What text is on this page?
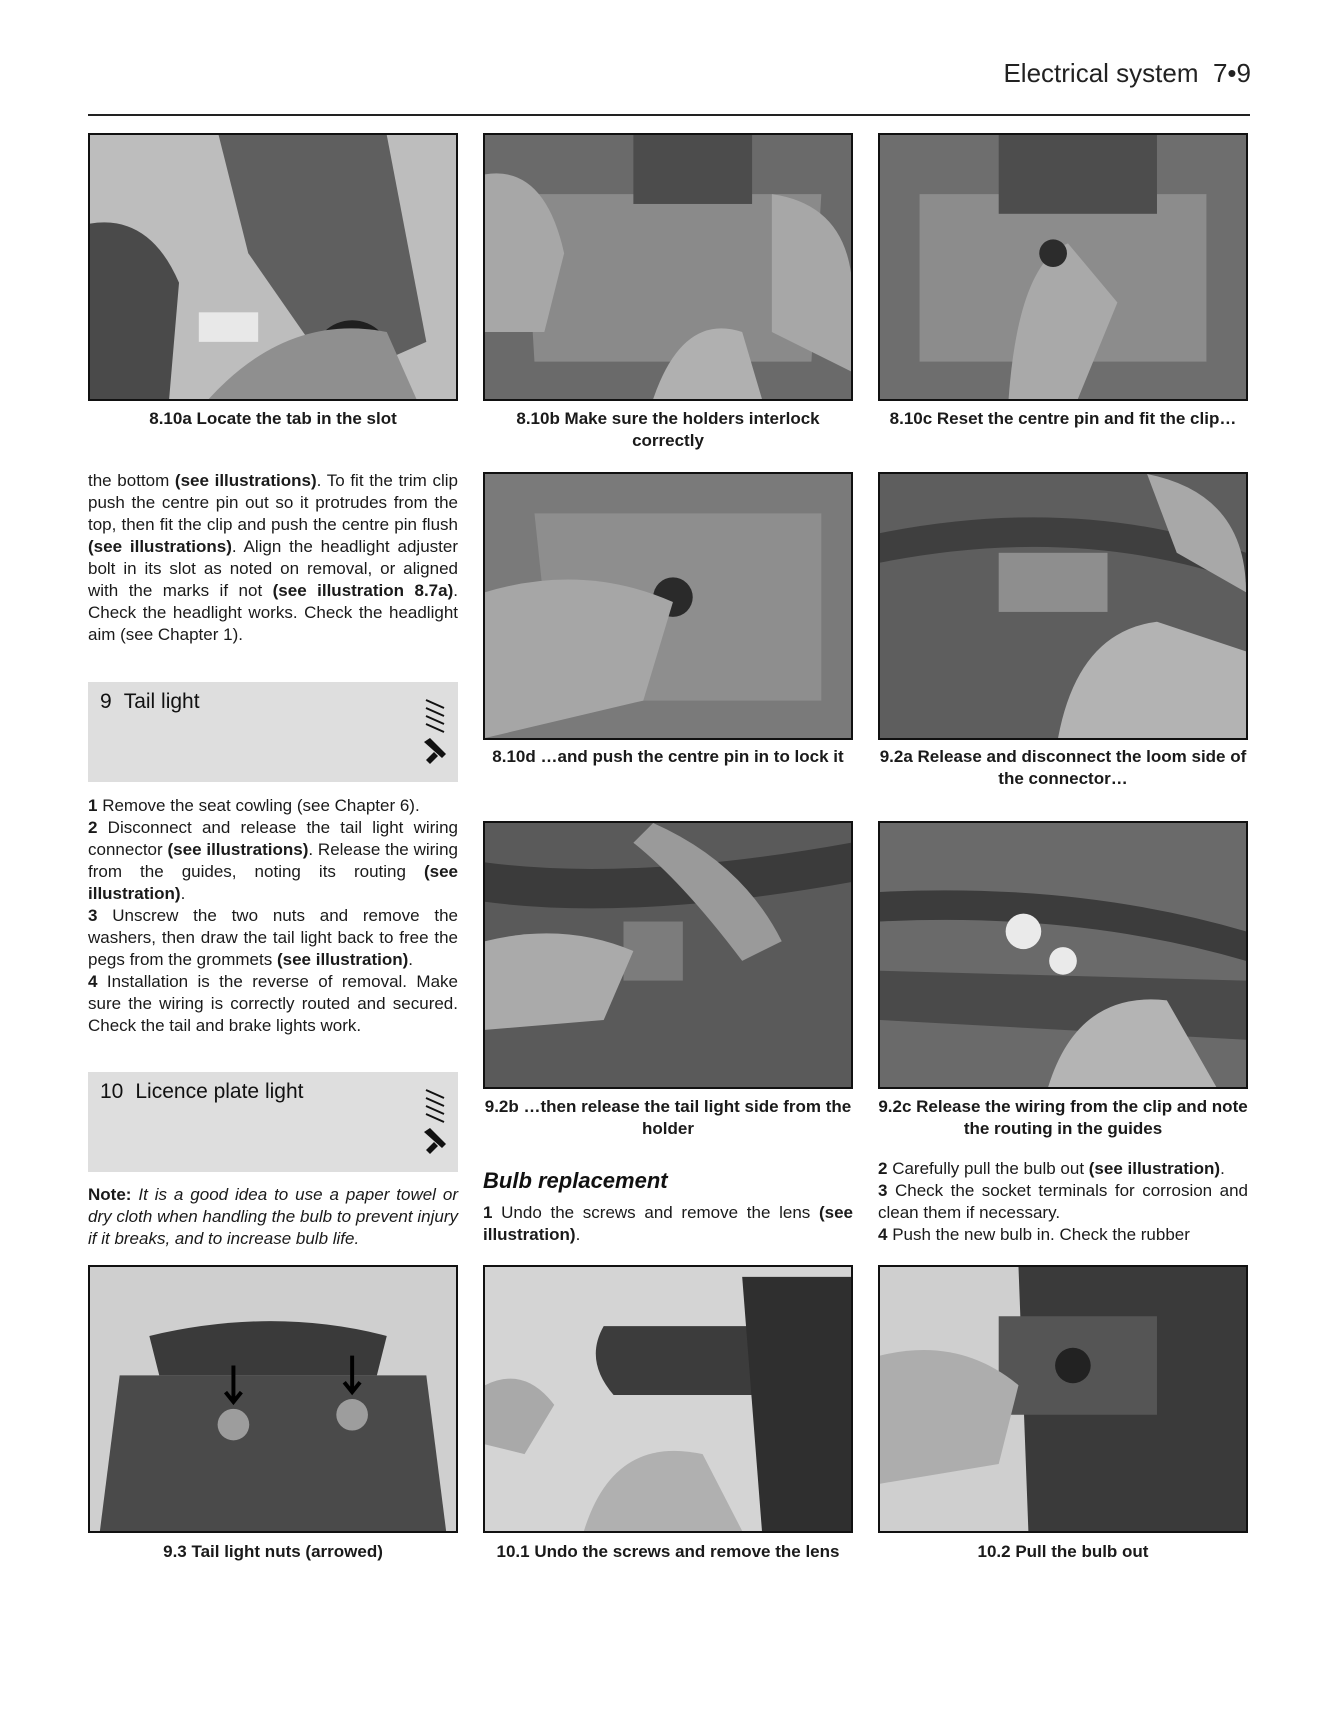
Electrical system 7•9
8.10a Locate the tab in the slot	8.10b Make sure the holders interlock correctly
8.10c Reset the centre pin and fit the clip…
the bottom (see illustrations). To fit the trim clip push the centre pin out so it protrudes from the top, then fit the clip and push the centre pin flush (see illustrations). Align the headlight adjuster bolt in its slot as noted on removal, or aligned with the marks if not (see illustration 8.7a). Check the headlight works. Check the headlight aim (see Chapter 1).
9 Tail light

1 Remove the seat cowling (see Chapter 6).

2 Disconnect and release the tail light wiring connector (see illustrations). Release the wiring from the guides, noting its routing (see illustration).

3 Unscrew the two nuts and remove the washers, then draw the tail light back to free the pegs from the grommets (see illustration).

4 Installation is the reverse of removal. Make sure the wiring is correctly routed and secured. Check the tail and brake lights work.

10 Licence plate light
Note: It is a good idea to use a paper towel or dry cloth when handling the bulb to prevent injury if it breaks, and to increase bulb life.
8.10d …and push the centre pin in to lock it	9.2a Release and disconnect the loom side of the connector…
9.2b …then release the tail light side from the holder
9.2c Release the wiring from the clip and note the routing in the guides
Bulb replacement
1 Undo the screws and remove the lens (see illustration).

2 Carefully pull the bulb out (see illustration).

3 Check the socket terminals for corrosion and clean them if necessary.

4 Push the new bulb in. Check the rubber

9.3 Tail light nuts (arrowed)	10.1 Undo the screws and remove the lens	10.2 Pull the bulb out
